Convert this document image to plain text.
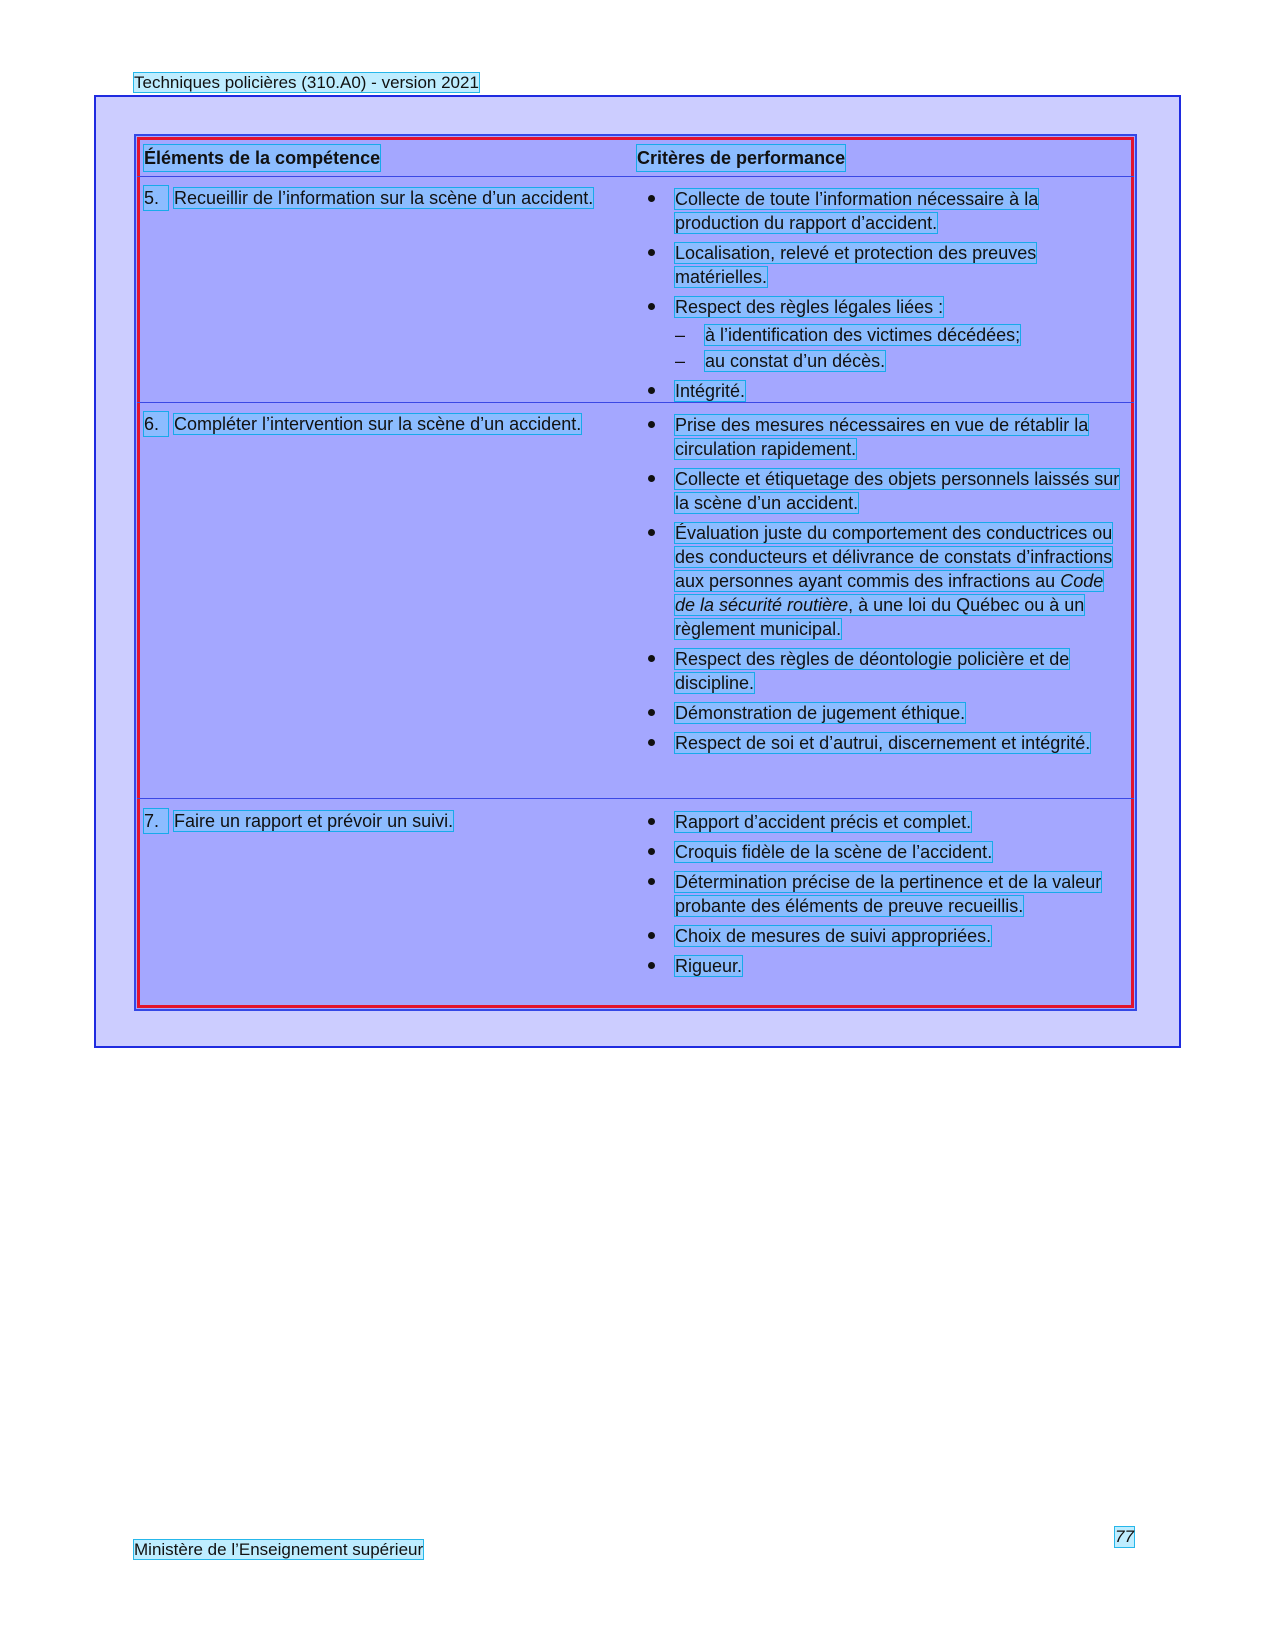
Techniques policières (310.A0) - version 2021
Éléments de la compétence	Critères de performance
5. Recueillir de l’information sur la scène d’un accident.	Collecte de toute l’information nécessaire à la production du rapport d’accident.
Localisation, relevé et protection des preuves matérielles.
Respect des règles légales liées :
– à l’identification des victimes décédées;
– au constat d’un décès.
Intégrité.
6. Compléter l’intervention sur la scène d’un accident.	Prise des mesures nécessaires en vue de rétablir la circulation rapidement.
Collecte et étiquetage des objets personnels laissés sur la scène d’un accident.
Évaluation juste du comportement des conductrices ou des conducteurs et délivrance de constats d’infractions aux personnes ayant commis des infractions au Code de la sécurité routière, à une loi du Québec ou à un règlement municipal.
Respect des règles de déontologie policière et de discipline.
Démonstration de jugement éthique.
Respect de soi et d’autrui, discernement et intégrité.
7. Faire un rapport et prévoir un suivi.	Rapport d’accident précis et complet.
Croquis fidèle de la scène de l’accident.
Détermination précise de la pertinence et de la valeur probante des éléments de preuve recueillis.
Choix de mesures de suivi appropriées.
Rigueur.
77
Ministère de l’Enseignement supérieur
